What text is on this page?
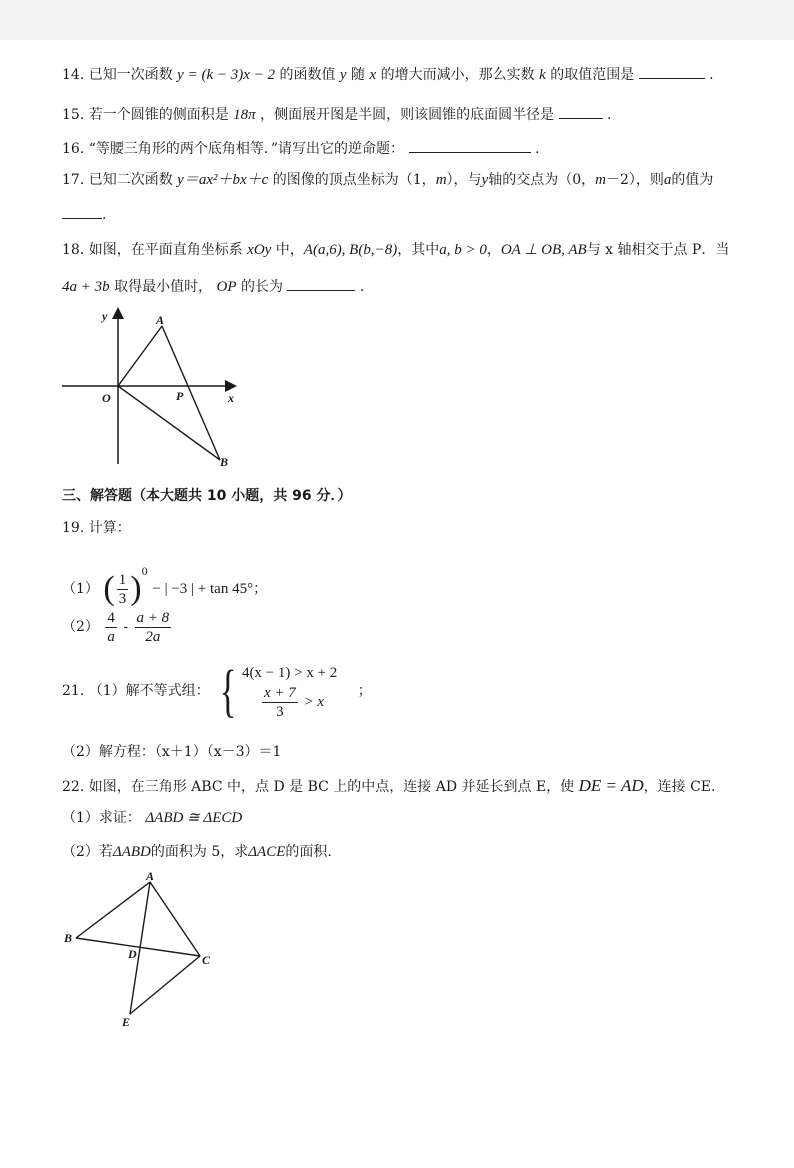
14. 已知一次函数 y = (k − 3)x − 2 的函数值 y 随 x 的增大而减小，那么实数 k 的取值范围是	.
15. 若一个圆锥的侧面积是 18π ，侧面展开图是半圆，则该圆锥的底面圆半径是	.
16. “等腰三角形的两个底角相等．”请写出它的逆命题：	.
17. 已知二次函数 y＝ax²＋bx＋c 的图像的顶点坐标为（1，m），与y轴的交点为（0，m－2），则a的值为
.
18. 如图，在平面直角坐标系 xOy 中，A(a,6), B(b,−8)，其中a, b > 0，OA ⊥ OB, AB与 x 轴相交于点 P．当
4a + 3b 取得最小值时， OP 的长为	.
y
x
O
A
P
B
三、解答题（本大题共 10 小题，共 96 分．）
19. 计算：
（1） ( $\frac{1}{3} )^0$ − | −3 | + tan 45°；
$(2) \frac{4}{a} - \frac{a + 8}{2a}$
21. （1）解不等式组： { 4(x − 1) > x + 2
$\frac{x + 7}{3} > x$
；
（2）解方程：（x＋1）（x－3）＝1
22. 如图，在三角形 ABC 中，点 D 是 BC 上的中点，连接 AD 并延长到点 E，使 DE = AD，连接 CE.
（1）求证： ΔABD ≅ ΔECD
（2）若ΔABD的面积为 5，求ΔACE的面积.
A
B
C
D
E
